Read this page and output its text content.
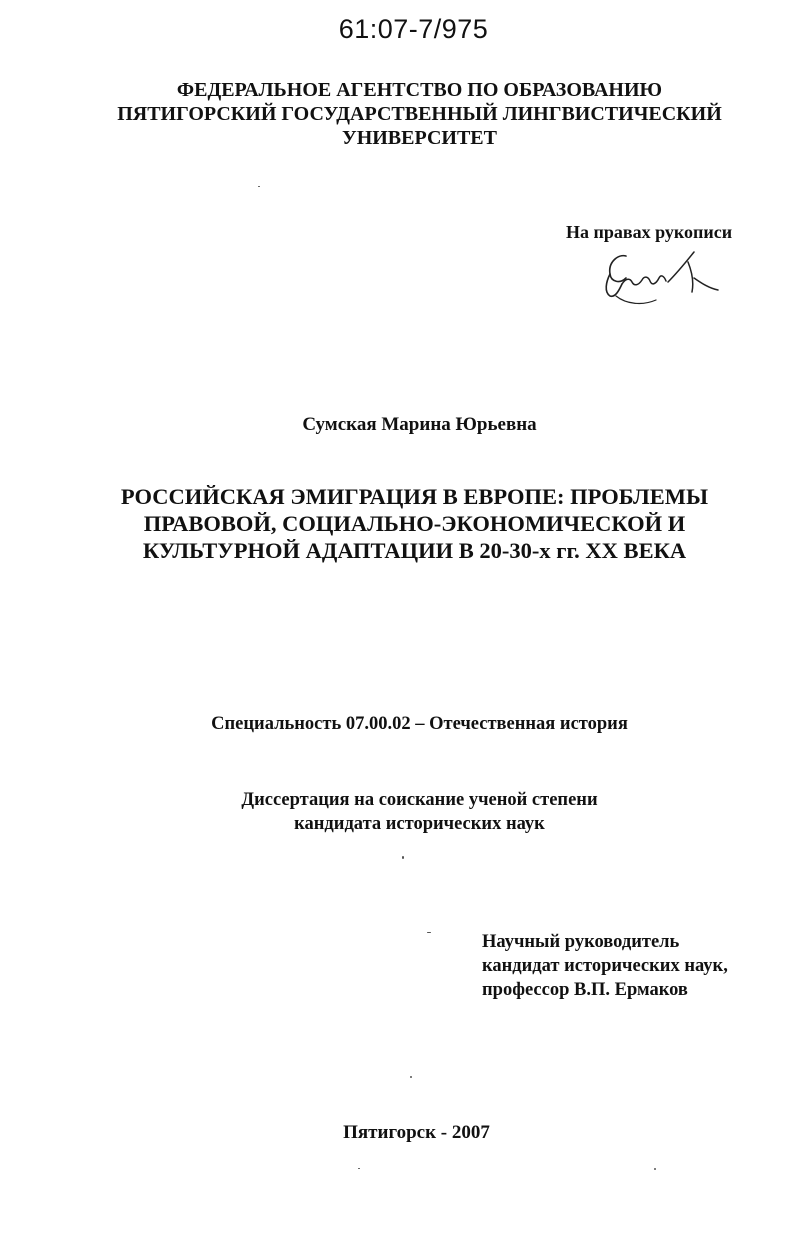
61:07-7/975
ФЕДЕРАЛЬНОЕ АГЕНТСТВО ПО ОБРАЗОВАНИЮ
ПЯТИГОРСКИЙ ГОСУДАРСТВЕННЫЙ ЛИНГВИСТИЧЕСКИЙ
УНИВЕРСИТЕТ
На правах рукописи
Сумская Марина Юрьевна
РОССИЙСКАЯ ЭМИГРАЦИЯ В ЕВРОПЕ: ПРОБЛЕМЫ
ПРАВОВОЙ, СОЦИАЛЬНО-ЭКОНОМИЧЕСКОЙ И
КУЛЬТУРНОЙ АДАПТАЦИИ В 20-30-х гг. XX ВЕКА
Специальность 07.00.02 – Отечественная история
Диссертация на соискание ученой степени
кандидата исторических наук
Научный руководитель
кандидат исторических наук,
профессор В.П. Ермаков
Пятигорск - 2007
